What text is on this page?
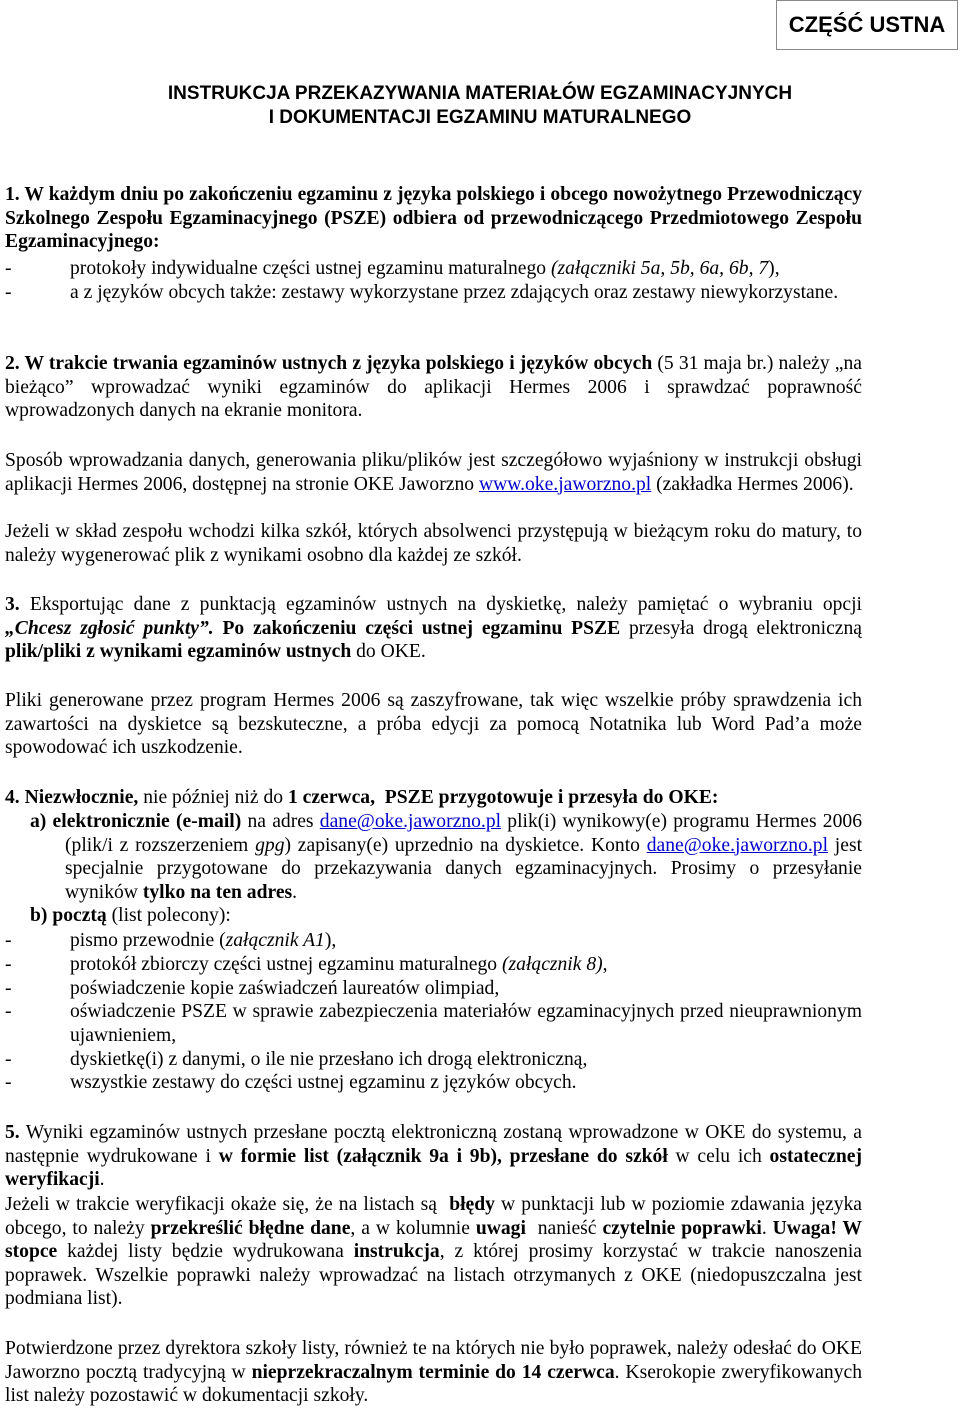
CZĘŚĆ USTNA
INSTRUKCJA PRZEKAZYWANIA MATERIAŁÓW EGZAMINACYJNYCH
I DOKUMENTACJI EGZAMINU MATURALNEGO
1. W każdym dniu po zakończeniu egzaminu z języka polskiego i obcego nowożytnego Przewodniczący Szkolnego Zespołu Egzaminacyjnego (PSZE) odbiera od przewodniczącego Przedmiotowego Zespołu Egzaminacyjnego:
-	protokoły indywidualne części ustnej egzaminu maturalnego (załączniki 5a, 5b, 6a, 6b, 7),
-	a z języków obcych także: zestawy wykorzystane przez zdających oraz zestawy niewykorzystane.
2. W trakcie trwania egzaminów ustnych z języka polskiego i języków obcych (5 31 maja br.) należy „na bieżąco” wprowadzać wyniki egzaminów do aplikacji Hermes 2006 i sprawdzać poprawność wprowadzonych danych na ekranie monitora.
Sposób wprowadzania danych, generowania pliku/plików jest szczegółowo wyjaśniony w instrukcji obsługi aplikacji Hermes 2006, dostępnej na stronie OKE Jaworzno www.oke.jaworzno.pl (zakładka Hermes 2006).
Jeżeli w skład zespołu wchodzi kilka szkół, których absolwenci przystępują w bieżącym roku do matury, to należy wygenerować plik z wynikami osobno dla każdej ze szkół.
3. Eksportując dane z punktacją egzaminów ustnych na dyskietkę, należy pamiętać o wybraniu opcji „Chcesz zgłosić punkty”. Po zakończeniu części ustnej egzaminu PSZE przesyła drogą elektroniczną plik/pliki z wynikami egzaminów ustnych do OKE.
Pliki generowane przez program Hermes 2006 są zaszyfrowane, tak więc wszelkie próby sprawdzenia ich zawartości na dyskietce są bezskuteczne, a próba edycji za pomocą Notatnika lub Word Pad’a może spowodować ich uszkodzenie.
4. Niezwłocznie, nie później niż do 1 czerwca,  PSZE przygotowuje i przesyła do OKE:
a) elektronicznie (e-mail) na adres dane@oke.jaworzno.pl plik(i) wynikowy(e) programu Hermes 2006 (plik/i z rozszerzeniem gpg) zapisany(e) uprzednio na dyskietce. Konto dane@oke.jaworzno.pl jest specjalnie przygotowane do przekazywania danych egzaminacyjnych. Prosimy o przesyłanie wyników tylko na ten adres.
b) pocztą (list polecony):
-	pismo przewodnie (załącznik A1),
-	protokół zbiorczy części ustnej egzaminu maturalnego (załącznik 8),
-	poświadczenie kopie zaświadczeń laureatów olimpiad,
-	oświadczenie PSZE w sprawie zabezpieczenia materiałów egzaminacyjnych przed nieuprawnionym ujawnieniem,
-	dyskietkę(i) z danymi, o ile nie przesłano ich drogą elektroniczną,
-	wszystkie zestawy do części ustnej egzaminu z języków obcych.
5. Wyniki egzaminów ustnych przesłane pocztą elektroniczną zostaną wprowadzone w OKE do systemu, a następnie wydrukowane i w formie list (załącznik 9a i 9b), przesłane do szkół w celu ich ostatecznej weryfikacji.
Jeżeli w trakcie weryfikacji okaże się, że na listach są  błędy w punktacji lub w poziomie zdawania języka obcego, to należy przekreślić błędne dane, a w kolumnie uwagi  nanieść czytelnie poprawki. Uwaga! W stopce każdej listy będzie wydrukowana instrukcja, z której prosimy korzystać w trakcie nanoszenia poprawek. Wszelkie poprawki należy wprowadzać na listach otrzymanych z OKE (niedopuszczalna jest podmiana list).
Potwierdzone przez dyrektora szkoły listy, również te na których nie było poprawek, należy odesłać do OKE Jaworzno pocztą tradycyjną w nieprzekraczalnym terminie do 14 czerwca. Kserokopie zweryfikowanych list należy pozostawić w dokumentacji szkoły.
